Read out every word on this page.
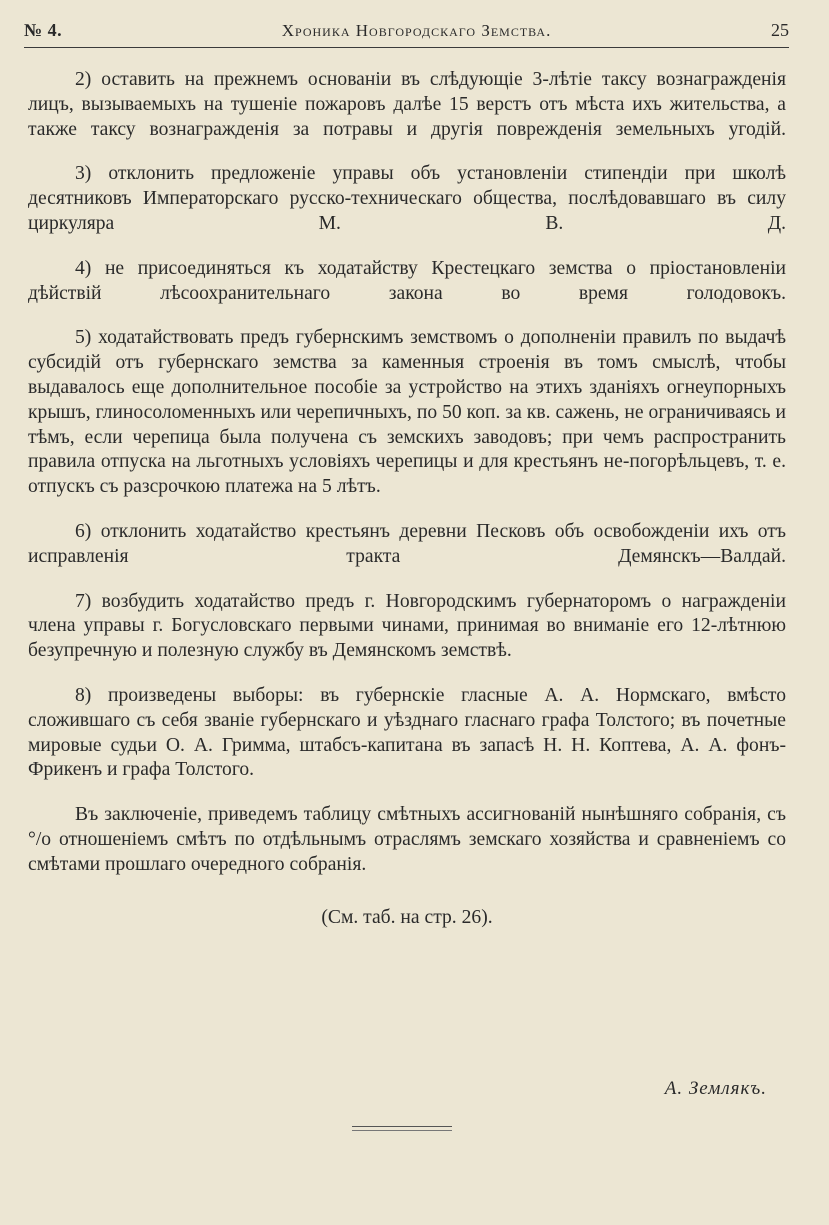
№ 4.	Хроника Новгородскаго Земства.	25

2) оставить на прежнемъ основаніи въ слѣдующіе 3-лѣтіе таксу вознагражденія лицъ, вызываемыхъ на тушеніе пожаровъ далѣе 15 верстъ отъ мѣста ихъ жительства, а также таксу вознагражденія за потравы и другія поврежденія земельныхъ угодій.

3) отклонить предложеніе управы объ установленіи стипендіи при школѣ десятниковъ Императорскаго русско-техническаго общества, послѣдовавшаго въ силу циркуляра М. В. Д.

4) не присоединяться къ ходатайству Крестецкаго земства о пріостановленіи дѣйствій лѣсоохранительнаго закона во время голодовокъ.

5) ходатайствовать предъ губернскимъ земствомъ о дополненіи правилъ по выдачѣ субсидій отъ губернскаго земства за каменныя строенія въ томъ смыслѣ, чтобы выдавалось еще дополнительное пособіе за устройство на этихъ зданіяхъ огнеупорныхъ крышъ, глиносоломенныхъ или черепичныхъ, по 50 коп. за кв. сажень, не ограничиваясь и тѣмъ, если черепица была получена съ земскихъ заводовъ; при чемъ распространить правила отпуска на льготныхъ условіяхъ черепицы и для крестьянъ не-погорѣльцевъ, т. е. отпускъ съ разсрочкою платежа на 5 лѣтъ.

6) отклонить ходатайство крестьянъ деревни Песковъ объ освобожденіи ихъ отъ исправленія тракта Демянскъ—Валдай.

7) возбудить ходатайство предъ г. Новгородскимъ губернаторомъ о награжденіи члена управы г. Богусловскаго первыми чинами, принимая во вниманіе его 12-лѣтнюю безупречную и полезную службу въ Демянскомъ земствѣ.

8) произведены выборы: въ губернскіе гласные А. А. Нормскаго, вмѣсто сложившаго съ себя званіе губернскаго и уѣзднаго гласнаго графа Толстого; въ почетные мировые судьи О. А. Гримма, штабсъ-капитана въ запасѣ Н. Н. Коптева, А. А. фонъ-Фрикенъ и графа Толстого.

Въ заключеніе, приведемъ таблицу смѣтныхъ ассигнованій нынѣшняго собранія, съ °/о отношеніемъ смѣтъ по отдѣльнымъ отраслямъ земскаго хозяйства и сравненіемъ со смѣтами прошлаго очередного собранія.

(См. таб. на стр. 26).
А. Землякъ.
